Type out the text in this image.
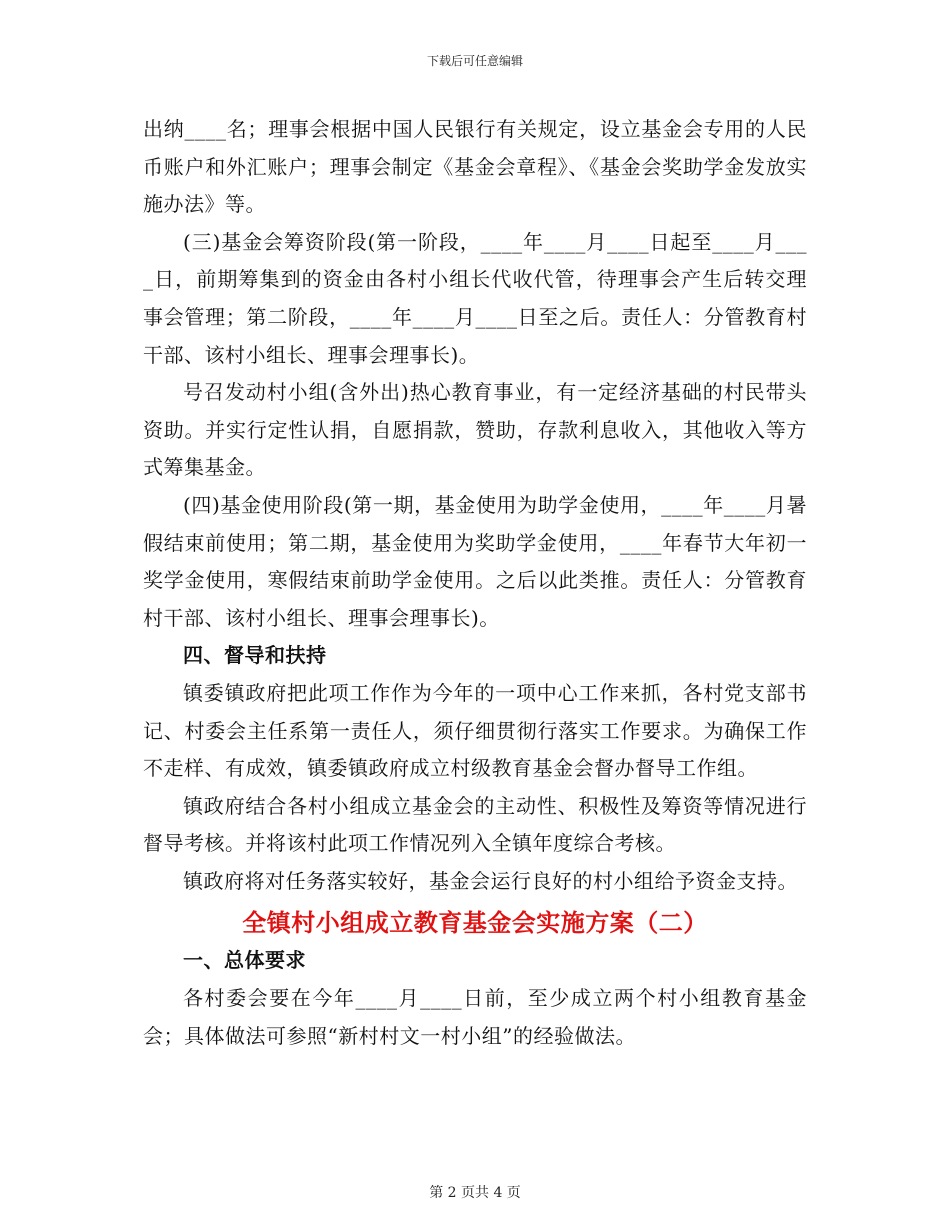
下载后可任意编辑

出纳____名；理事会根据中国人民银行有关规定，设立基金会专用的人民币账户和外汇账户；理事会制定《基金会章程》、《基金会奖助学金发放实施办法》等。

(三)基金会筹资阶段(第一阶段，____年____月____日起至____月____日，前期筹集到的资金由各村小组长代收代管，待理事会产生后转交理事会管理；第二阶段，____年____月____日至之后。责任人：分管教育村干部、该村小组长、理事会理事长)。

号召发动村小组(含外出)热心教育事业，有一定经济基础的村民带头资助。并实行定性认捐，自愿捐款，赞助，存款利息收入，其他收入等方式筹集基金。

(四)基金使用阶段(第一期，基金使用为助学金使用，____年____月暑假结束前使用；第二期，基金使用为奖助学金使用，____年春节大年初一奖学金使用，寒假结束前助学金使用。之后以此类推。责任人：分管教育村干部、该村小组长、理事会理事长)。

四、督导和扶持

镇委镇政府把此项工作作为今年的一项中心工作来抓，各村党支部书记、村委会主任系第一责任人，须仔细贯彻行落实工作要求。为确保工作不走样、有成效，镇委镇政府成立村级教育基金会督办督导工作组。

镇政府结合各村小组成立基金会的主动性、积极性及筹资等情况进行督导考核。并将该村此项工作情况列入全镇年度综合考核。

镇政府将对任务落实较好，基金会运行良好的村小组给予资金支持。

全镇村小组成立教育基金会实施方案（二）

一、总体要求

各村委会要在今年____月____日前，至少成立两个村小组教育基金会；具体做法可参照“新村村文一村小组”的经验做法。

第 2 页共 4 页
